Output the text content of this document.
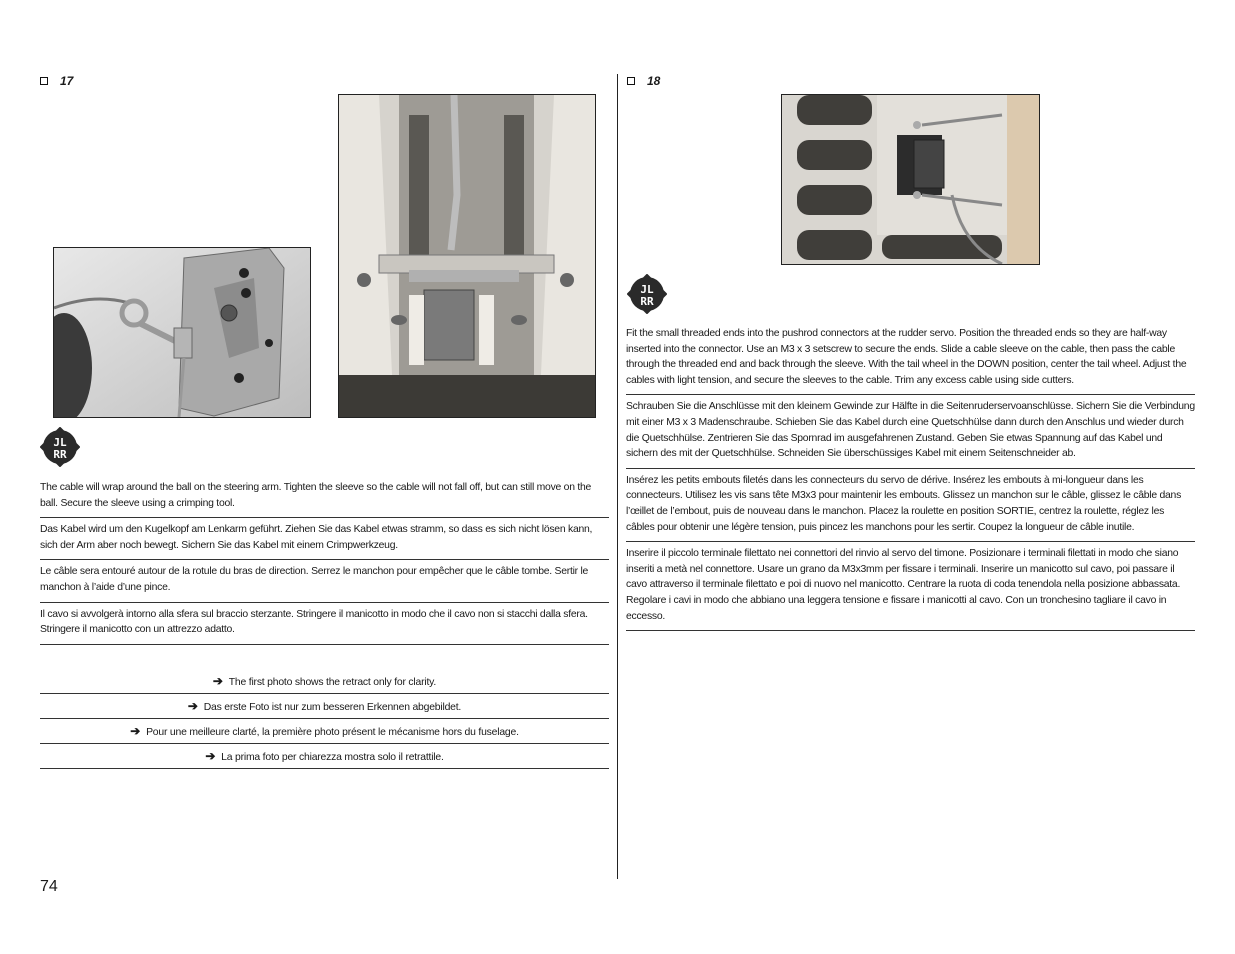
17
JL
RR
The cable will wrap around the ball on the steering arm. Tighten the sleeve so the cable will not fall off, but can still move on the ball. Secure the sleeve using a crimping tool.
Das Kabel wird um den Kugelkopf am Lenkarm geführt. Ziehen Sie das Kabel etwas stramm, so dass es sich nicht lösen kann, sich der Arm aber noch bewegt. Sichern Sie das Kabel mit einem Crimpwerkzeug.
Le câble sera entouré autour de la rotule du bras de direction. Serrez le manchon pour empêcher que le câble tombe. Sertir le manchon à l’aide d’une pince.
Il cavo si avvolgerà intorno alla sfera sul braccio sterzante. Stringere il manicotto in modo che il cavo non si stacchi dalla sfera. Stringere il manicotto con un attrezzo adatto.
➔ The first photo shows the retract only for clarity.
➔ Das erste Foto ist nur zum besseren Erkennen abgebildet.
➔ Pour une meilleure clarté, la première photo présent le mécanisme hors du fuselage.
➔ La prima foto per chiarezza mostra solo il retrattile.
18
JL
RR
Fit the small threaded ends into the pushrod connectors at the rudder servo. Position the threaded ends so they are half-way inserted into the connector. Use an M3 x 3 setscrew to secure the ends. Slide a cable sleeve on the cable, then pass the cable through the threaded end and back through the sleeve. With the tail wheel in the DOWN position, center the tail wheel. Adjust the cables with light tension, and secure the sleeves to the cable. Trim any excess cable using side cutters.
Schrauben Sie die Anschlüsse mit den kleinem Gewinde zur Hälfte in die Seitenruderservoanschlüsse. Sichern Sie die Verbindung mit einer M3 x 3 Madenschraube. Schieben Sie das Kabel durch eine Quetschhülse dann durch den Anschlus und wieder durch die Quetschhülse. Zentrieren Sie das Spornrad im ausgefahrenen Zustand. Geben Sie etwas Spannung auf das Kabel und sichern des mit der Quetschhülse. Schneiden Sie überschüssiges Kabel mit einem Seitenschneider ab.
Insérez les petits embouts filetés dans les connecteurs du servo de dérive. Insérez les embouts à mi-longueur dans les connecteurs. Utilisez les vis sans tête M3x3 pour maintenir les embouts. Glissez un manchon sur le câble, glissez le câble dans l’œillet de l’embout, puis de nouveau dans le manchon. Placez la roulette en position SORTIE, centrez la roulette, réglez les câbles pour obtenir une légère tension, puis pincez les manchons pour les sertir. Coupez la longueur de câble inutile.
Inserire il piccolo terminale filettato nei connettori del rinvio al servo del timone. Posizionare i terminali filettati in modo che siano inseriti a metà nel connettore. Usare un grano da M3x3mm per fissare i terminali. Inserire un manicotto sul cavo, poi passare il cavo attraverso il terminale filettato e poi di nuovo nel manicotto. Centrare la ruota di coda tenendola nella posizione abbassata. Regolare i cavi in modo che abbiano una leggera tensione e fissare i manicotti al cavo. Con un tronchesino tagliare il cavo in eccesso.
74
